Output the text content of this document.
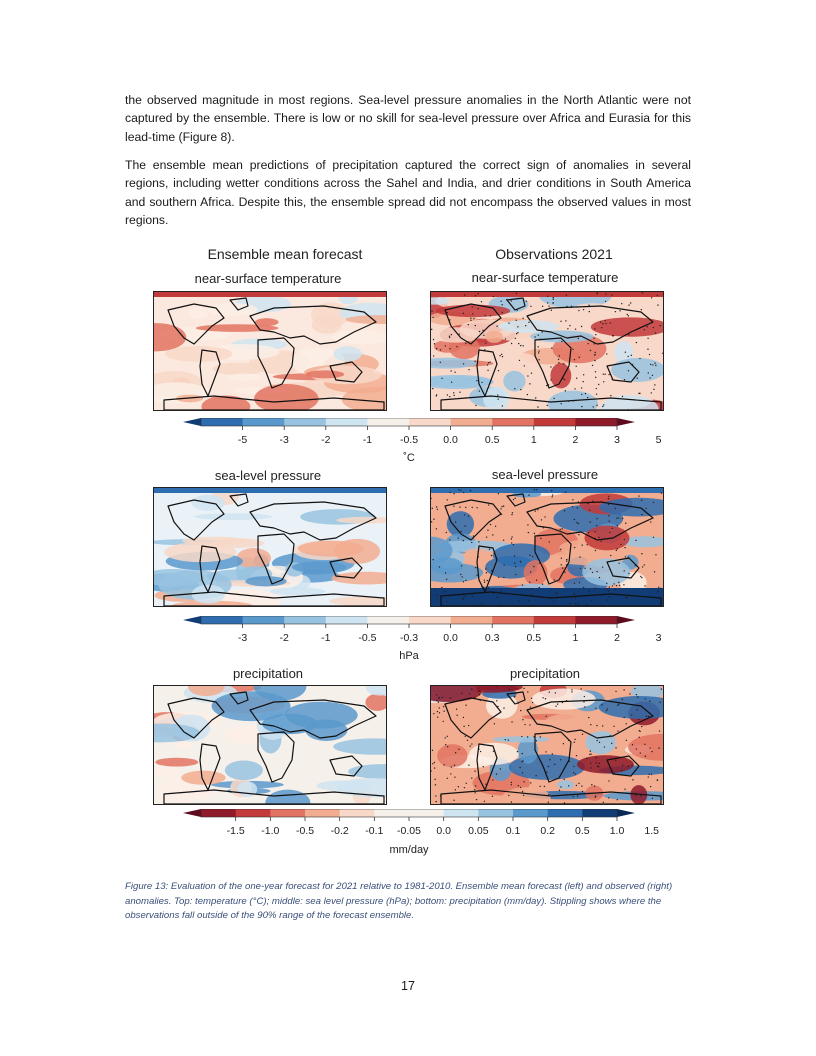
the observed magnitude in most regions. Sea-level pressure anomalies in the North Atlantic were not captured by the ensemble. There is low or no skill for sea-level pressure over Africa and Eurasia for this lead-time (Figure 8).

The ensemble mean predictions of precipitation captured the correct sign of anomalies in several regions, including wetter conditions across the Sahel and India, and drier conditions in South America and southern Africa. Despite this, the ensemble spread did not encompass the observed values in most regions.

Ensemble mean forecast	Observations 2021
near-surface temperature	near-surface temperature
-5	-3	-2	-1	-0.5 0.0	0.5	1	2	3	5
˚C
sea-level pressure	sea-level pressure
-3	-2	-1	-0.5 -0.3 0.0	0.3	0.5	1	2	3
hPa
precipitation	precipitation
-1.5 -1.0 -0.5 -0.2 -0.1 -0.05 0.0 0.05 0.1 0.2 0.5 1.0 1.5
mm/day

Figure 13: Evaluation of the one-year forecast for 2021 relative to 1981-2010. Ensemble mean forecast (left) and observed (right) anomalies. Top: temperature (°C); middle: sea level pressure (hPa); bottom: precipitation (mm/day). Stippling shows where the observations fall outside of the 90% range of the forecast ensemble.

17
